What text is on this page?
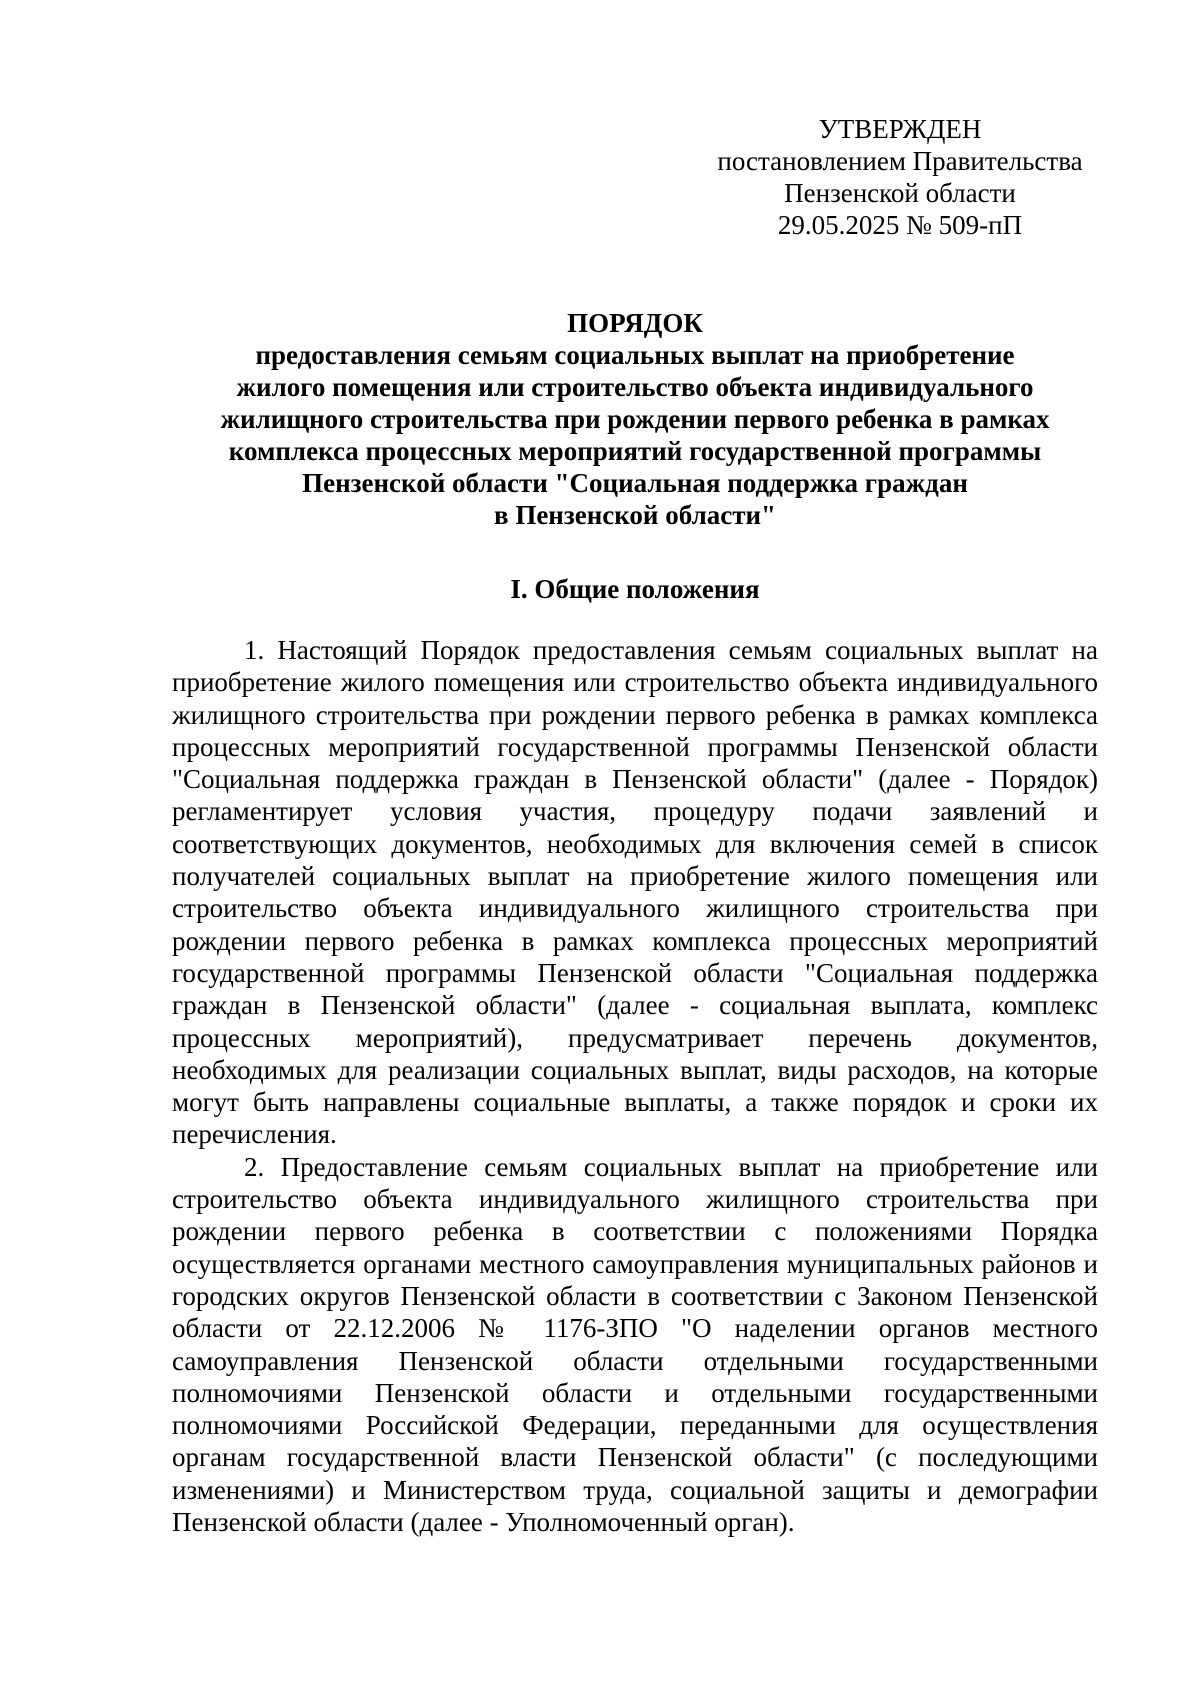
УТВЕРЖДЕН
постановлением Правительства
Пензенской области
29.05.2025 № 509-пП
ПОРЯДОК
предоставления семьям социальных выплат на приобретение
жилого помещения или строительство объекта индивидуального
жилищного строительства при рождении первого ребенка в рамках
комплекса процессных мероприятий государственной программы
Пензенской области "Социальная поддержка граждан
в Пензенской области"
I. Общие положения

1. Настоящий Порядок предоставления семьям социальных выплат на приобретение жилого помещения или строительство объекта индивидуального жилищного строительства при рождении первого ребенка в рамках комплекса процессных мероприятий государственной программы Пензенской области "Социальная поддержка граждан в Пензенской области" (далее - Порядок) регламентирует условия участия, процедуру подачи заявлений и соответствующих документов, необходимых для включения семей в список получателей социальных выплат на приобретение жилого помещения или строительство объекта индивидуального жилищного строительства при рождении первого ребенка в рамках комплекса процессных мероприятий государственной программы Пензенской области "Социальная поддержка граждан в Пензенской области" (далее - социальная выплата, комплекс процессных мероприятий), предусматривает перечень документов, необходимых для реализации социальных выплат, виды расходов, на которые могут быть направлены социальные выплаты, а также порядок и сроки их перечисления.

2. Предоставление семьям социальных выплат на приобретение или строительство объекта индивидуального жилищного строительства при рождении первого ребенка в соответствии с положениями Порядка осуществляется органами местного самоуправления муниципальных районов и городских округов Пензенской области в соответствии с Законом Пензенской области от 22.12.2006 № 1176-ЗПО "О наделении органов местного самоуправления Пензенской области отдельными государственными полномочиями Пензенской области и отдельными государственными полномочиями Российской Федерации, переданными для осуществления органам государственной власти Пензенской области" (с последующими изменениями) и Министерством труда, социальной защиты и демографии Пензенской области (далее - Уполномоченный орган).
